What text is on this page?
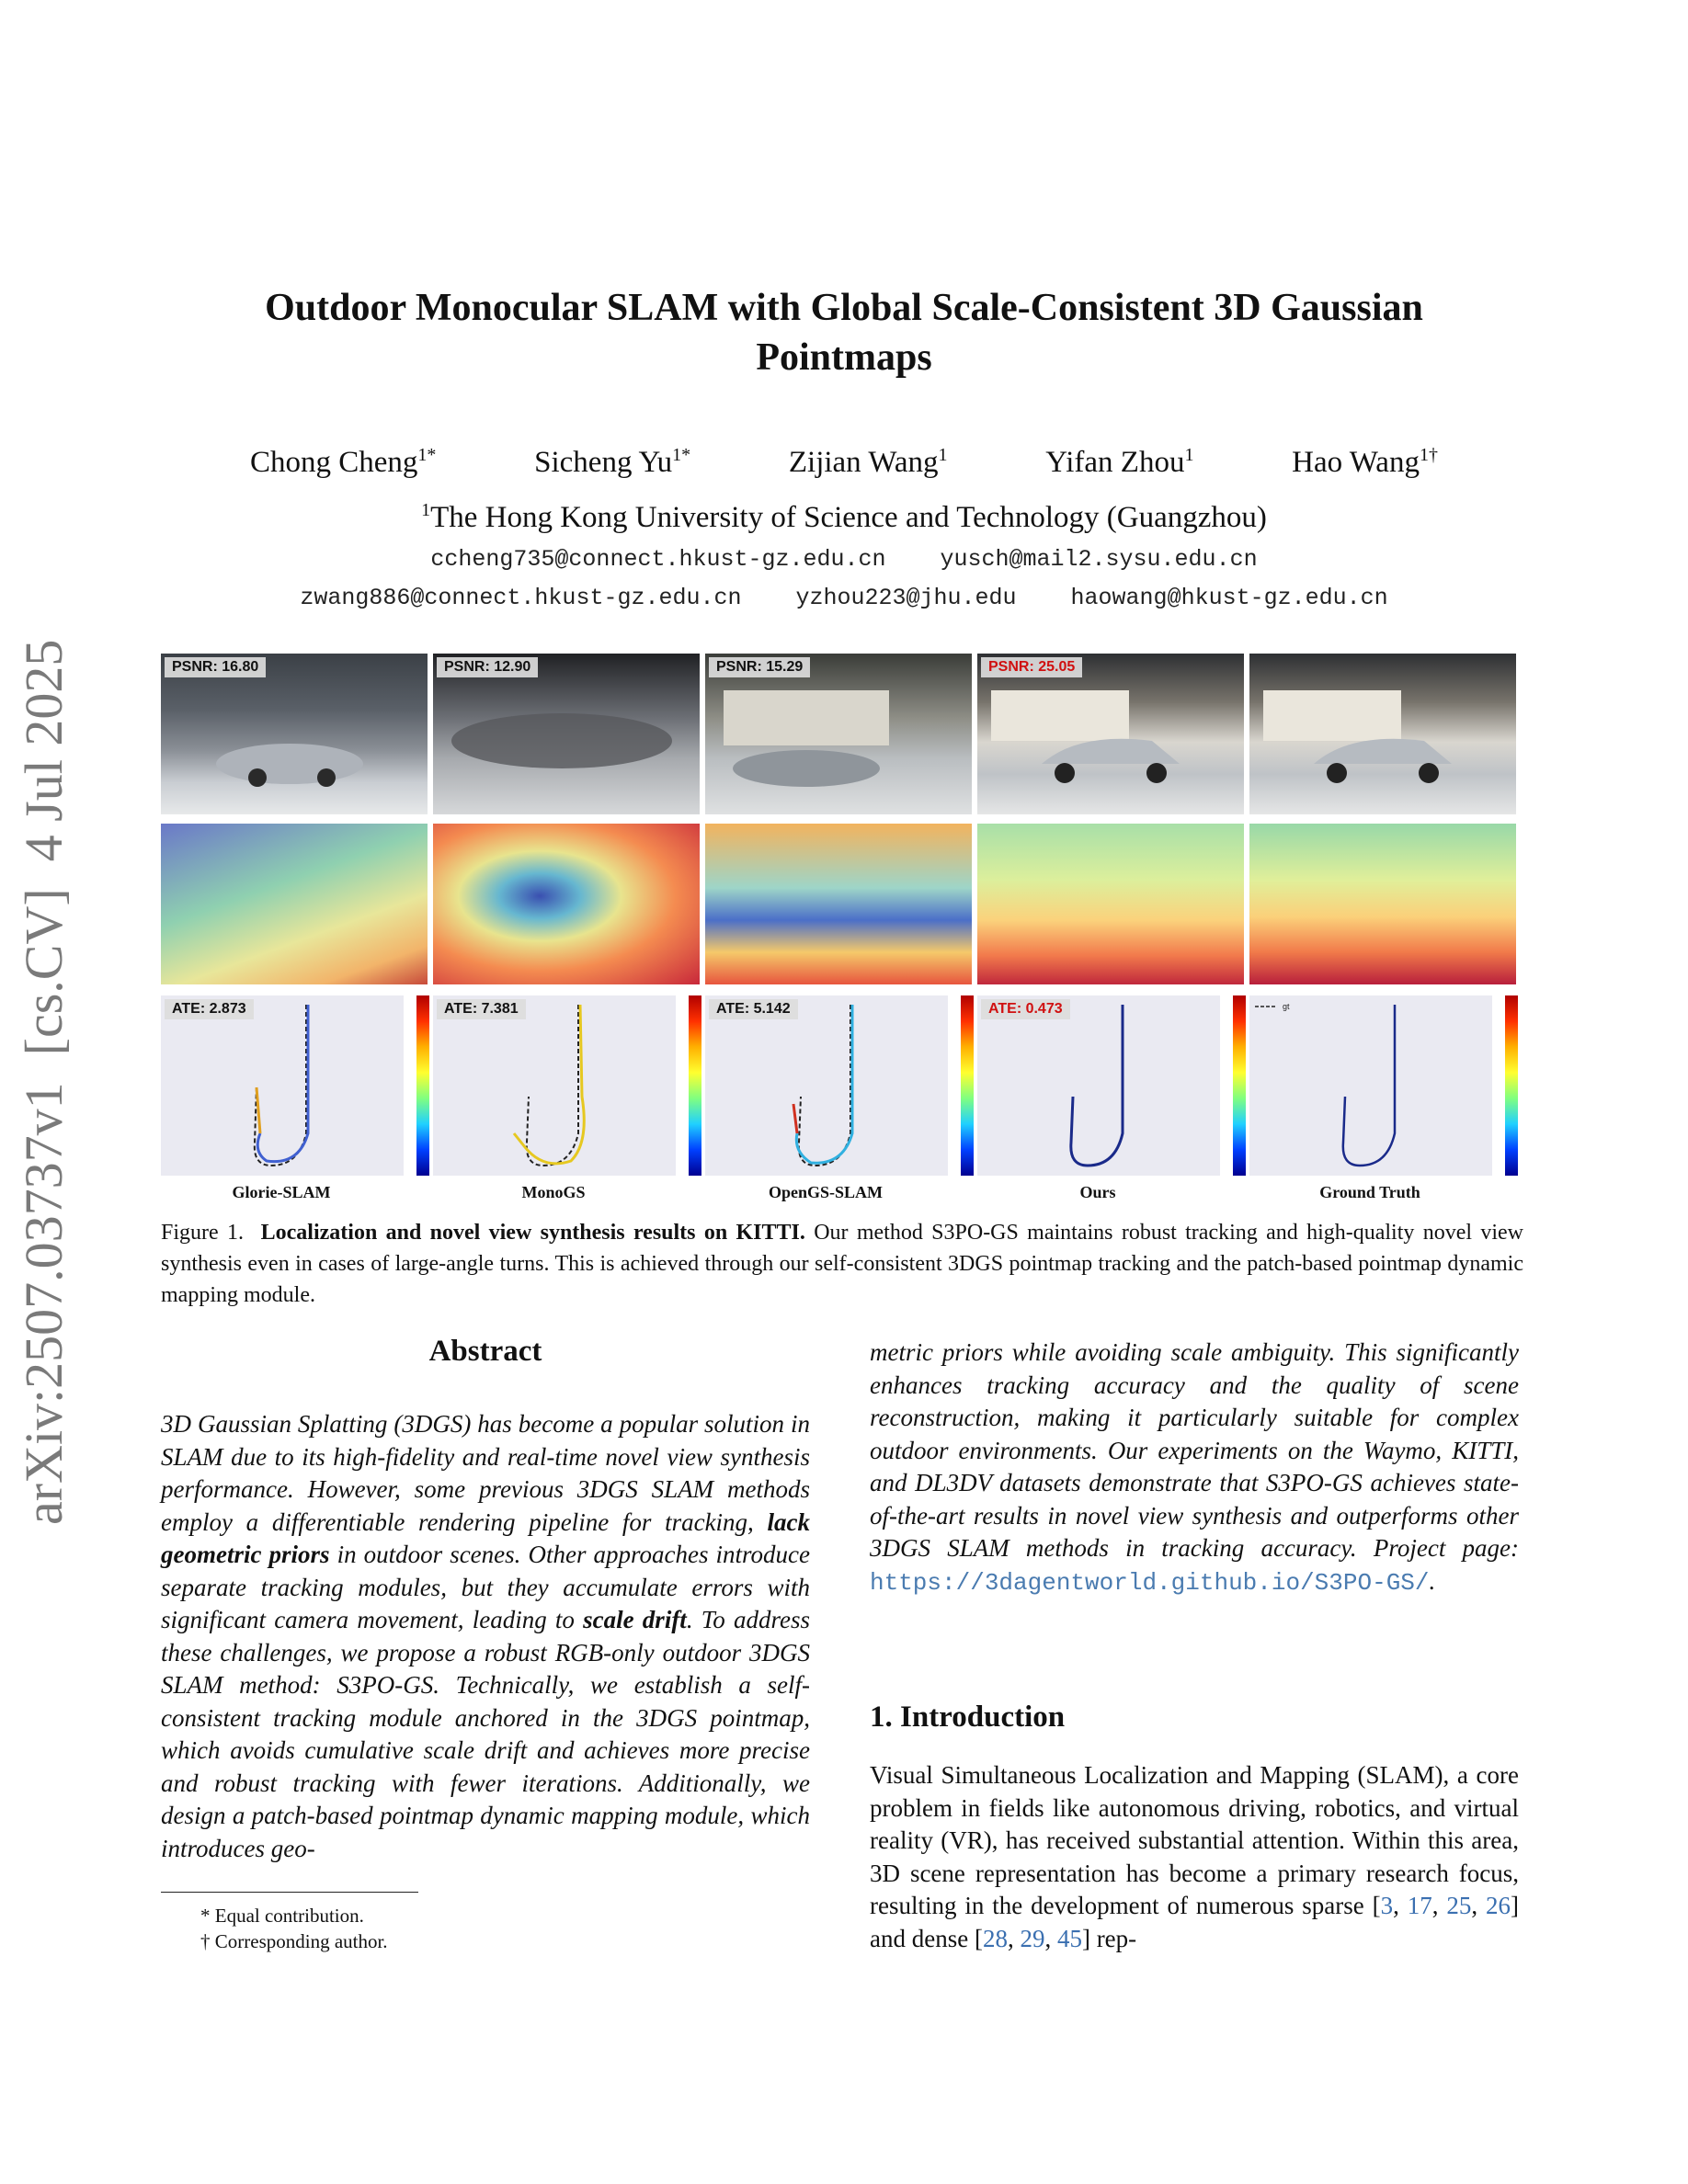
arXiv:2507.03737v1  [cs.CV]  4 Jul 2025
Outdoor Monocular SLAM with Global Scale-Consistent 3D Gaussian
Pointmaps
Chong Cheng$^{1*}$	Sicheng $Yu^{1*}$	Zijian Wang$^1$	Yifan Zhou$^1$	Hao Wang$^{1\dagger}$
$^1$The Hong Kong University of Science and Technology (Guangzhou)
ccheng735@connect.hkust-gz.edu.cn yusch@mail2.sysu.edu.cn
zwang886@connect.hkust-gz.edu.cn yzhou223@jhu.edu haowang@hkust-gz.edu.cn
PSNR: 16.80	PSNR: 12.90	PSNR: 15.29	PSNR: 25.05
ATE: 2.873	ATE: 7.381	ATE: 5.142	ATE: 0.473	gt
Glorie-SLAM	MonoGS	OpenGS-SLAM	Ours	Ground Truth
Figure 1. Localization and novel view synthesis results on KITTI. Our method S3PO-GS maintains robust tracking and high-quality novel view synthesis even in cases of large-angle turns. This is achieved through our self-consistent 3DGS pointmap tracking and the patch-based pointmap dynamic mapping module.
Abstract
3D Gaussian Splatting (3DGS) has become a popular solution in SLAM due to its high-fidelity and real-time novel view synthesis performance. However, some previous 3DGS SLAM methods employ a differentiable rendering pipeline for tracking, lack geometric priors in outdoor scenes. Other approaches introduce separate tracking modules, but they accumulate errors with significant camera movement, leading to scale drift. To address these challenges, we propose a robust RGB-only outdoor 3DGS SLAM method: S3PO-GS. Technically, we establish a self-consistent tracking module anchored in the 3DGS pointmap, which avoids cumulative scale drift and achieves more precise and robust tracking with fewer iterations. Additionally, we design a patch-based pointmap dynamic mapping module, which introduces geo-
metric priors while avoiding scale ambiguity. This significantly enhances tracking accuracy and the quality of scene reconstruction, making it particularly suitable for complex outdoor environments. Our experiments on the Waymo, KITTI, and DL3DV datasets demonstrate that S3PO-GS achieves state-of-the-art results in novel view synthesis and outperforms other 3DGS SLAM methods in tracking accuracy. Project page: https://3dagentworld.github.io/S3PO-GS/.
1. Introduction
Visual Simultaneous Localization and Mapping (SLAM), a core problem in fields like autonomous driving, robotics, and virtual reality (VR), has received substantial attention. Within this area, 3D scene representation has become a primary research focus, resulting in the development of numerous sparse [3, 17, 25, 26] and dense [28, 29, 45] rep-
* Equal contribution.
† Corresponding author.
